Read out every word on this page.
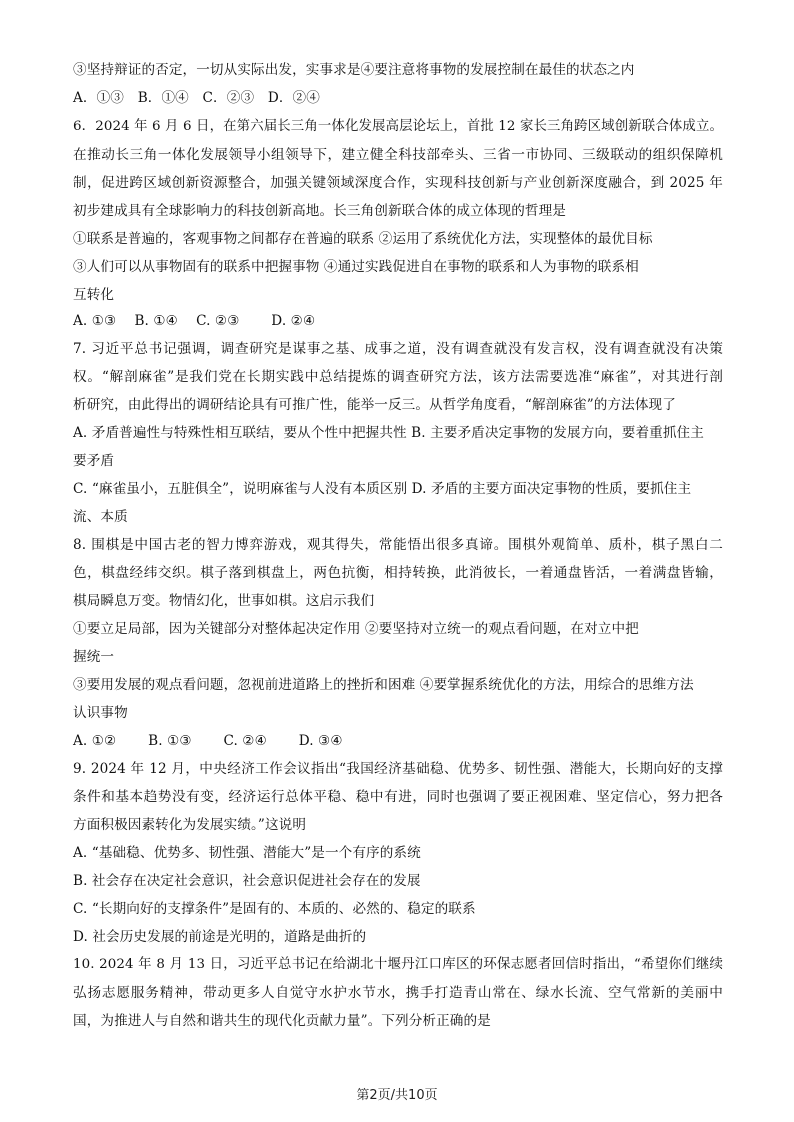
③坚持辩证的否定，一切从实际出发，实事求是④要注意将事物的发展控制在最佳的状态之内
A．①③　B．①④　C．②③　D．②④
6．2024 年 6 月 6 日，在第六届长三角一体化发展高层论坛上，首批 12 家长三角跨区域创新联合体成立。
在推动长三角一体化发展领导小组领导下，建立健全科技部牵头、三省一市协同、三级联动的组织保障机
制，促进跨区域创新资源整合，加强关键领域深度合作，实现科技创新与产业创新深度融合，到 2025 年
初步建成具有全球影响力的科技创新高地。长三角创新联合体的成立体现的哲理是
①联系是普遍的，客观事物之间都存在普遍的联系 ②运用了系统优化方法，实现整体的最优目标
③人们可以从事物固有的联系中把握事物 ④通过实践促进自在事物的联系和人为事物的联系相
互转化
A. ①③　 B. ①④　 C. ②③　　 D. ②④
7. 习近平总书记强调，调查研究是谋事之基、成事之道，没有调查就没有发言权，没有调查就没有决策
权。“解剖麻雀”是我们党在长期实践中总结提炼的调查研究方法，该方法需要选准“麻雀”，对其进行剖
析研究，由此得出的调研结论具有可推广性，能举一反三。从哲学角度看，“解剖麻雀”的方法体现了
A. 矛盾普遍性与特殊性相互联结，要从个性中把握共性 B. 主要矛盾决定事物的发展方向，要着重抓住主
要矛盾
C. “麻雀虽小，五脏俱全”，说明麻雀与人没有本质区别 D. 矛盾的主要方面决定事物的性质，要抓住主
流、本质
8. 围棋是中国古老的智力博弈游戏，观其得失，常能悟出很多真谛。围棋外观简单、质朴，棋子黑白二
色，棋盘经纬交织。棋子落到棋盘上，两色抗衡，相持转换，此消彼长，一着通盘皆活，一着满盘皆输，
棋局瞬息万变。物情幻化，世事如棋。这启示我们
①要立足局部，因为关键部分对整体起决定作用 ②要坚持对立统一的观点看问题，在对立中把
握统一
③要用发展的观点看问题，忽视前进道路上的挫折和困难 ④要掌握系统优化的方法，用综合的思维方法
认识事物
A. ①②　　 B. ①③　　 C. ②④　　 D. ③④
9. 2024 年 12 月，中央经济工作会议指出“我国经济基础稳、优势多、韧性强、潜能大，长期向好的支撑
条件和基本趋势没有变，经济运行总体平稳、稳中有进，同时也强调了要正视困难、坚定信心，努力把各
方面积极因素转化为发展实绩。”这说明
A. “基础稳、优势多、韧性强、潜能大”是一个有序的系统
B. 社会存在决定社会意识，社会意识促进社会存在的发展
C. “长期向好的支撑条件”是固有的、本质的、必然的、稳定的联系
D. 社会历史发展的前途是光明的，道路是曲折的
10. 2024 年 8 月 13 日，习近平总书记在给湖北十堰丹江口库区的环保志愿者回信时指出，“希望你们继续
弘扬志愿服务精神，带动更多人自觉守水护水节水，携手打造青山常在、绿水长流、空气常新的美丽中
国，为推进人与自然和谐共生的现代化贡献力量”。下列分析正确的是
第2页/共10页
